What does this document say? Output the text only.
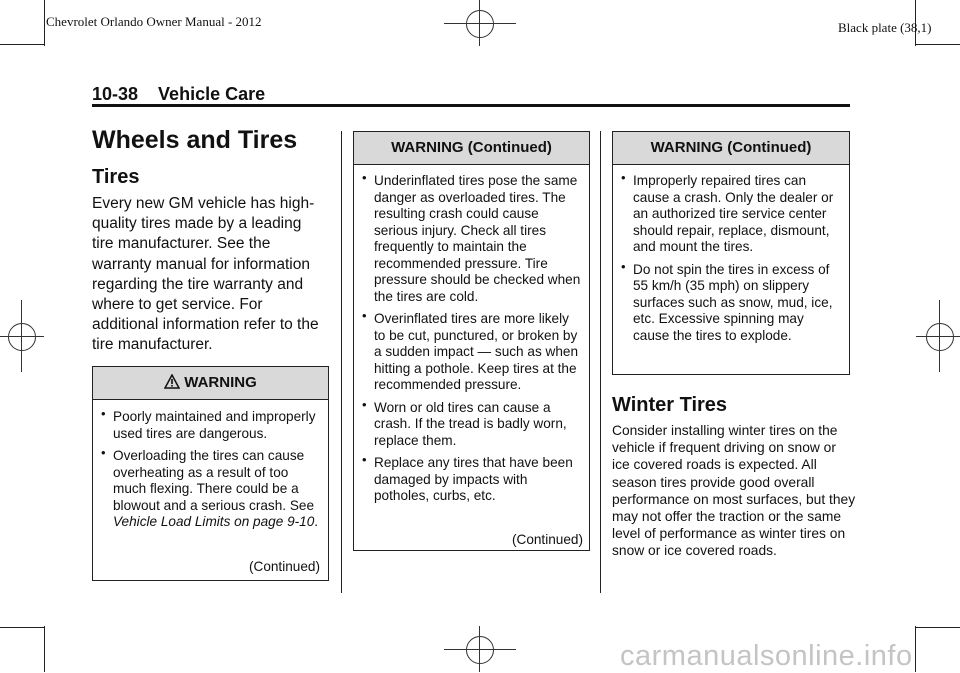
Chevrolet Orlando Owner Manual - 2012	Black plate (38,1)
10-38 Vehicle Care
Wheels and Tires
Tires

Every new GM vehicle has high-quality tires made by a leading tire manufacturer. See the warranty manual for information regarding the tire warranty and where to get service. For additional information refer to the tire manufacturer.

WARNING
• Poorly maintained and improperly used tires are dangerous.
• Overloading the tires can cause overheating as a result of too much flexing. There could be a blowout and a serious crash. See Vehicle Load Limits on page 9-10.
(Continued)
WARNING (Continued)
• Underinflated tires pose the same danger as overloaded tires. The resulting crash could cause serious injury. Check all tires frequently to maintain the recommended pressure. Tire pressure should be checked when the tires are cold.
• Overinflated tires are more likely to be cut, punctured, or broken by a sudden impact — such as when hitting a pothole. Keep tires at the recommended pressure.
• Worn or old tires can cause a crash. If the tread is badly worn, replace them.
• Replace any tires that have been damaged by impacts with potholes, curbs, etc.
(Continued)
WARNING (Continued)
• Improperly repaired tires can cause a crash. Only the dealer or an authorized tire service center should repair, replace, dismount, and mount the tires.
• Do not spin the tires in excess of 55 km/h (35 mph) on slippery surfaces such as snow, mud, ice, etc. Excessive spinning may cause the tires to explode.
Winter Tires

Consider installing winter tires on the vehicle if frequent driving on snow or ice covered roads is expected. All season tires provide good overall performance on most surfaces, but they may not offer the traction or the same level of performance as winter tires on snow or ice covered roads.

carmanualsonline.info
